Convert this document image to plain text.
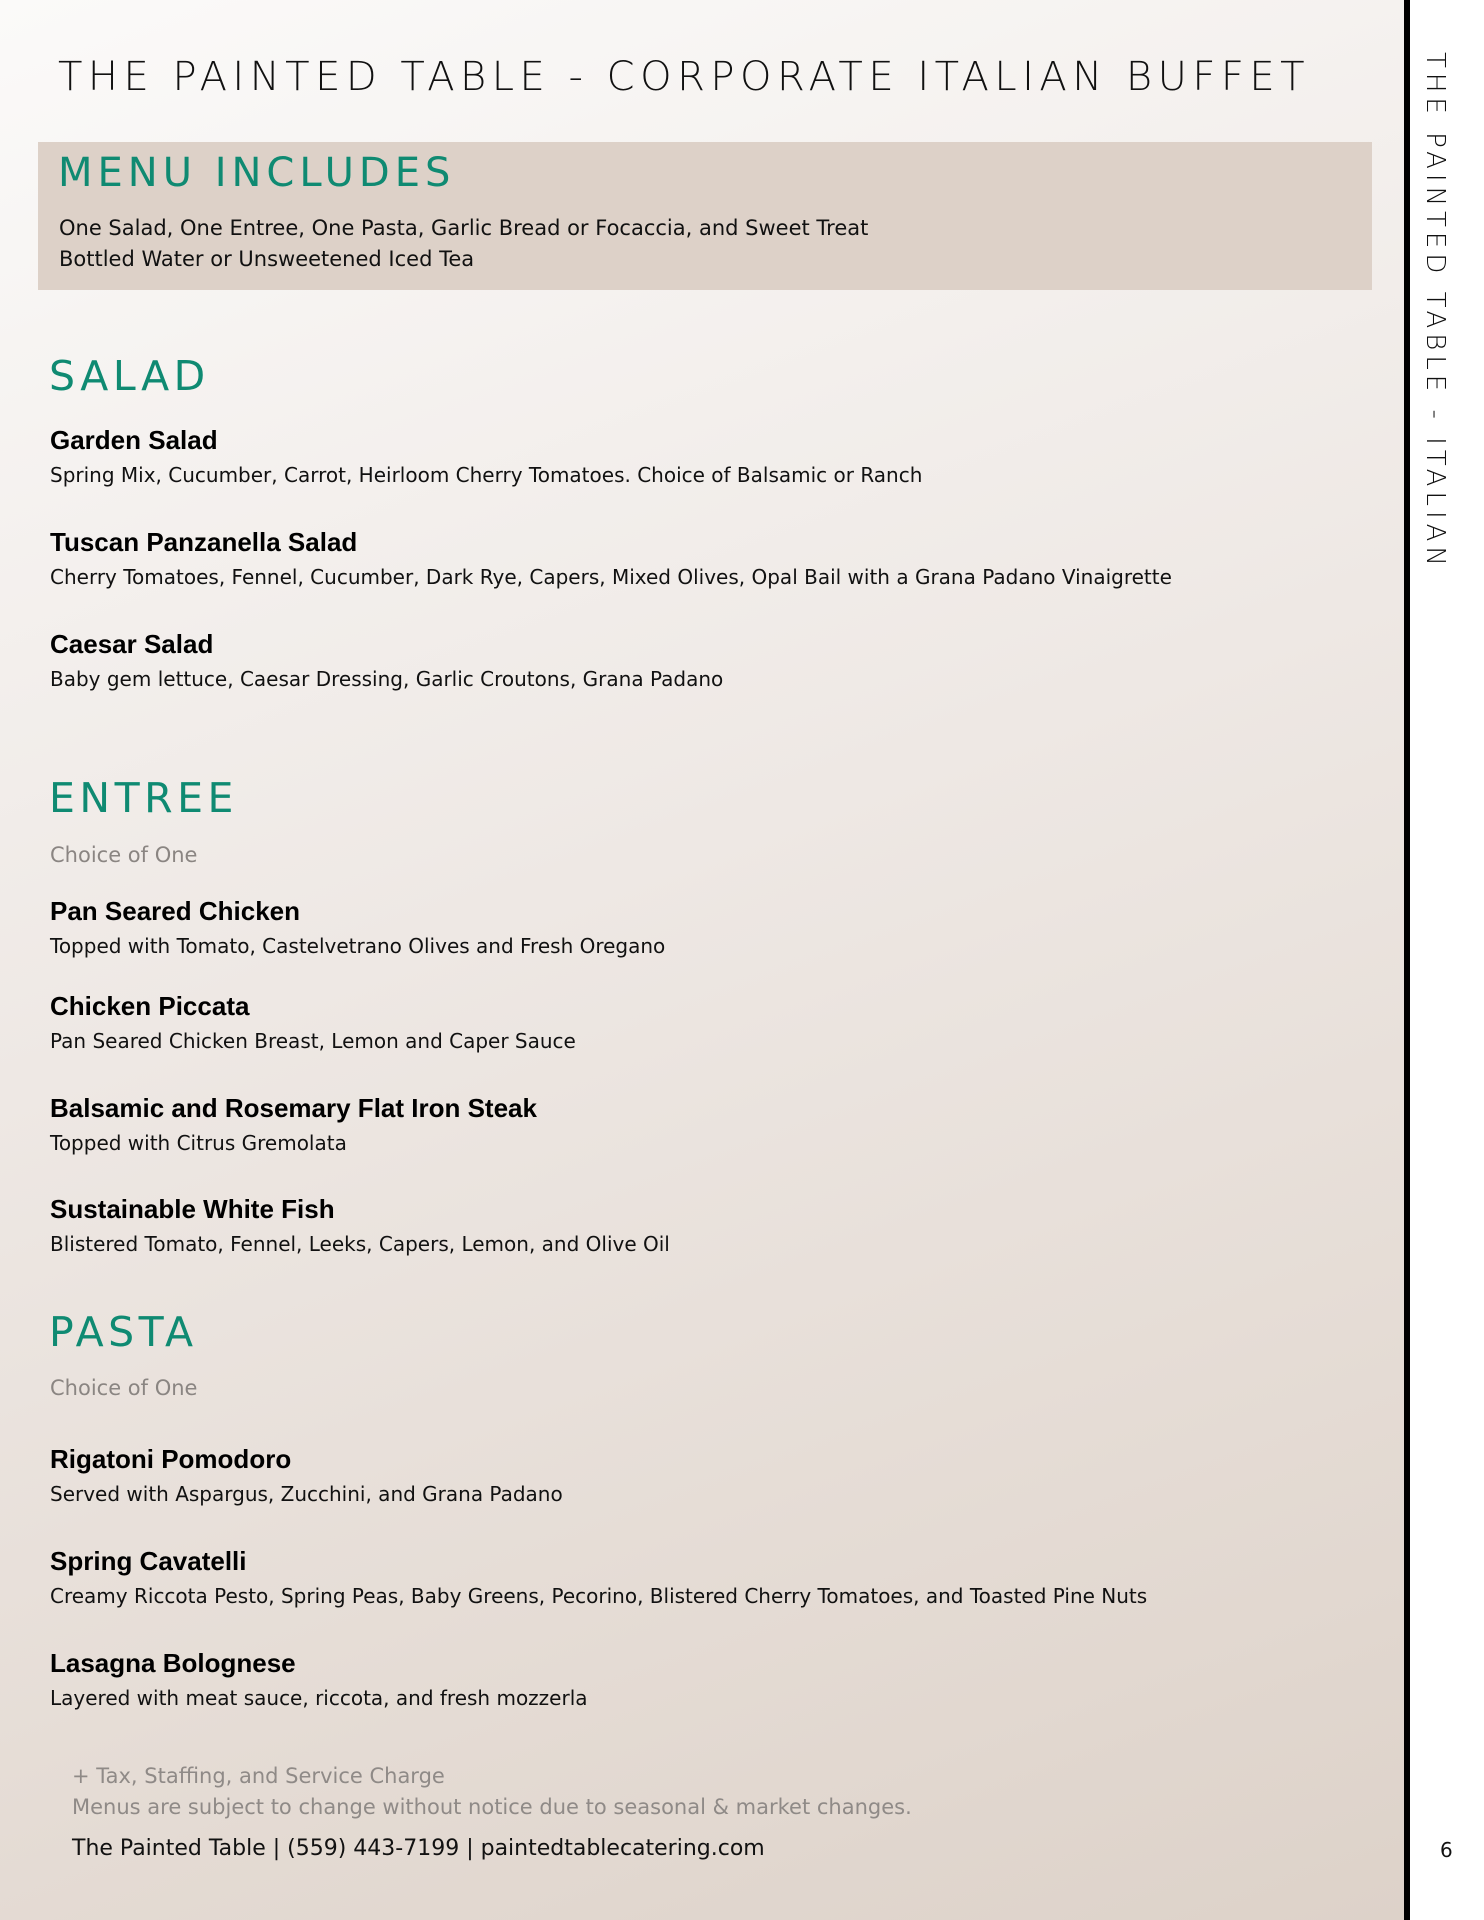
THE PAINTED TABLE - ITALIAN
6
THE PAINTED TABLE - CORPORATE ITALIAN BUFFET
MENU INCLUDES
One Salad, One Entree, One Pasta, Garlic Bread or Focaccia, and Sweet Treat
Bottled Water or Unsweetened Iced Tea
SALAD
Garden Salad
Spring Mix, Cucumber, Carrot, Heirloom Cherry Tomatoes. Choice of Balsamic or Ranch
Tuscan Panzanella Salad
Cherry Tomatoes, Fennel, Cucumber, Dark Rye, Capers, Mixed Olives, Opal Bail with a Grana Padano Vinaigrette
Caesar Salad
Baby gem lettuce, Caesar Dressing, Garlic Croutons, Grana Padano
ENTREE
Choice of One
Pan Seared Chicken
Topped with Tomato, Castelvetrano Olives and Fresh Oregano
Chicken Piccata
Pan Seared Chicken Breast, Lemon and Caper Sauce
Balsamic and Rosemary Flat Iron Steak
Topped with Citrus Gremolata
Sustainable White Fish
Blistered Tomato, Fennel, Leeks, Capers, Lemon, and Olive Oil
PASTA
Choice of One
Rigatoni Pomodoro
Served with Aspargus, Zucchini, and Grana Padano
Spring Cavatelli
Creamy Riccota Pesto, Spring Peas, Baby Greens, Pecorino, Blistered Cherry Tomatoes, and Toasted Pine Nuts
Lasagna Bolognese
Layered with meat sauce, riccota, and fresh mozzerla
+ Tax, Staffing, and Service Charge
Menus are subject to change without notice due to seasonal & market changes.
The Painted Table | (559) 443-7199 | paintedtablecatering.com
